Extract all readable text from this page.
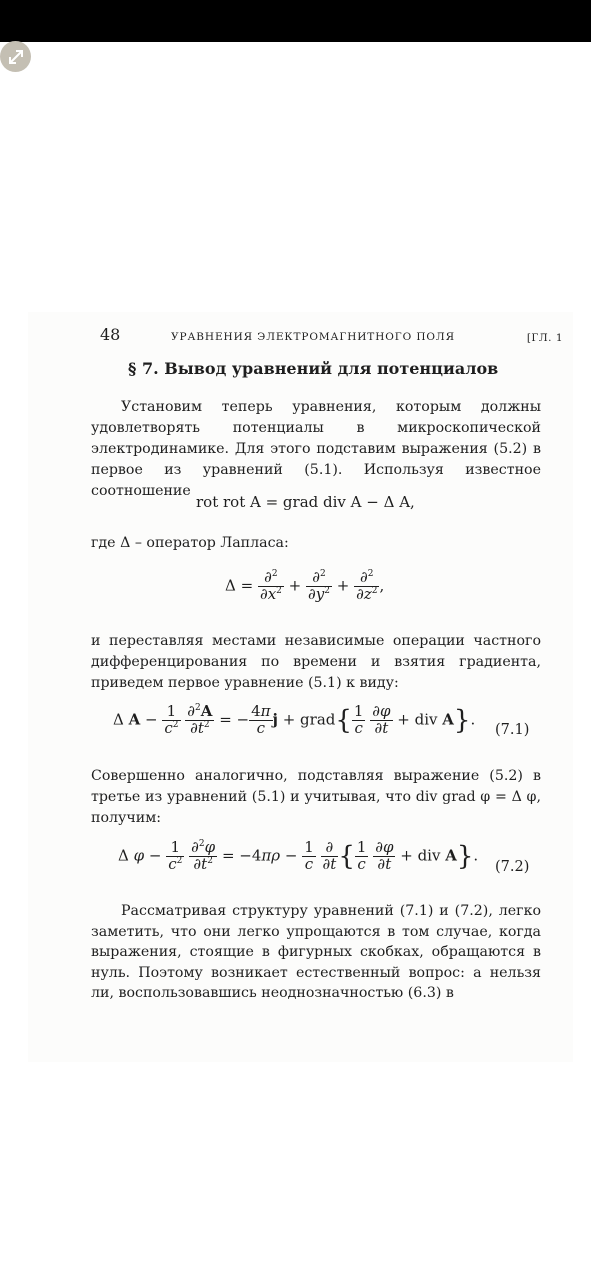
48	УРАВНЕНИЯ ЭЛЕКТРОМАГНИТНОГО ПОЛЯ	[ГЛ. 1
§ 7. Вывод уравнений для потенциалов
Установим теперь уравнения, которым должны удовлетворять потенциалы в микроскопической электродинамике. Для этого подставим выражения (5.2) в первое из уравнений (5.1). Используя известное соотношение
rot rot A = grad div A − Δ A,
где Δ – оператор Лапласа:
$\Delta = \frac{\partial^2}{\partial x^2} + \frac{\partial^2}{\partial y^2} + \frac{\partial^2}{\partial z^2}$ ,
и переставляя местами независимые операции частного дифференцирования по времени и взятия градиента, приведем первое уравнение (5.1) к виду:
Δ $A - \frac{1}{c^2}$
$\frac{\partial^2A}{\partial t^2}$ = − $\frac{4\pi}{c}$ j + grad{ $\frac{1}{c}$
$\frac{\partial\varphi}{\partial t}$ + div A}.
(7.1)
Совершенно аналогично, подставляя выражение (5.2) в третье из уравнений (5.1) и учитывая, что div grad φ = Δ φ, получим:
Δ $\varphi - \frac{1}{c^2}$
$\frac{\partial^2\varphi}{\partial t^2} = -4\pi\rho - \frac{1}{c}$
$\frac{\partial}{\partial t}$ { $\frac{1}{c}$
$\frac{\partial\varphi}{\partial t}$ + div A}.
(7.2)
Рассматривая структуру уравнений (7.1) и (7.2), легко заметить, что они легко упрощаются в том случае, когда выражения, стоящие в фигурных скобках, обращаются в нуль. Поэтому возникает естественный вопрос: а нельзя ли, воспользовавшись неоднозначностью (6.3) в
